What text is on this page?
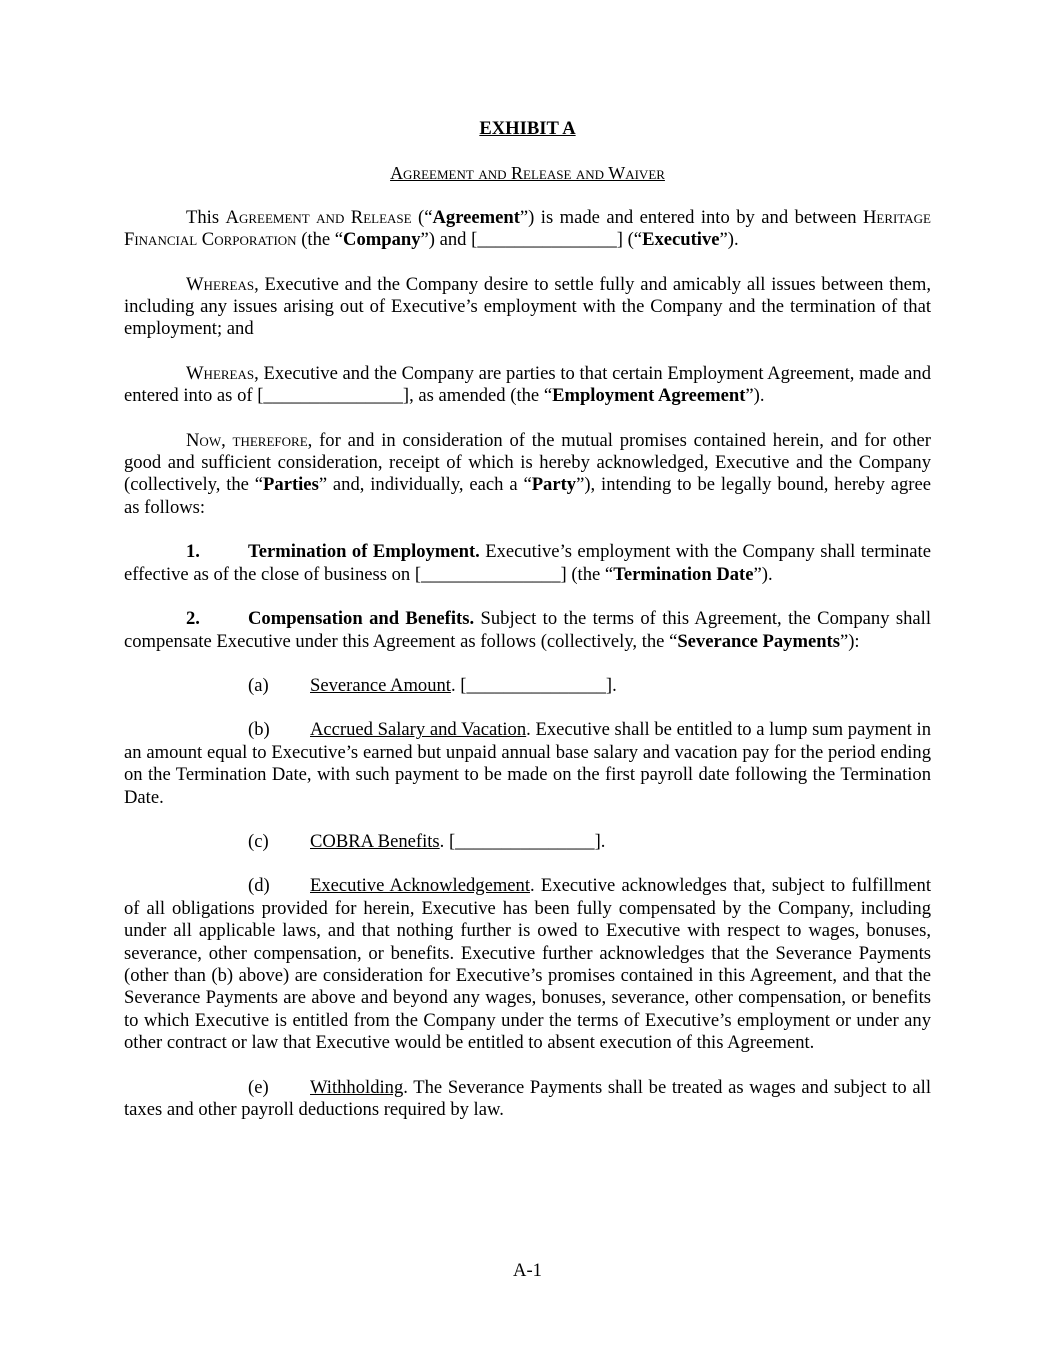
EXHIBIT A

Agreement and Release and Waiver

This Agreement and Release (“Agreement”) is made and entered into by and between Heritage Financial Corporation (the “Company”) and [_______________] (“Executive”).

Whereas, Executive and the Company desire to settle fully and amicably all issues between them, including any issues arising out of Executive’s employment with the Company and the termination of that employment; and

Whereas, Executive and the Company are parties to that certain Employment Agreement, made and entered into as of [_______________], as amended (the “Employment Agreement”).

Now, therefore, for and in consideration of the mutual promises contained herein, and for other good and sufficient consideration, receipt of which is hereby acknowledged, Executive and the Company (collectively, the “Parties” and, individually, each a “Party”), intending to be legally bound, hereby agree as follows:

1.	Termination of Employment. Executive’s employment with the Company shall terminate effective as of the close of business on [_______________] (the “Termination Date”).

2.	Compensation and Benefits. Subject to the terms of this Agreement, the Company shall compensate Executive under this Agreement as follows (collectively, the “Severance Payments”):

(a) Severance Amount. [_______________].

(b) Accrued Salary and Vacation. Executive shall be entitled to a lump sum payment in an amount equal to Executive’s earned but unpaid annual base salary and vacation pay for the period ending on the Termination Date, with such payment to be made on the first payroll date following the Termination Date.

(c) COBRA Benefits. [_______________].

(d) Executive Acknowledgement. Executive acknowledges that, subject to fulfillment of all obligations provided for herein, Executive has been fully compensated by the Company, including under all applicable laws, and that nothing further is owed to Executive with respect to wages, bonuses, severance, other compensation, or benefits. Executive further acknowledges that the Severance Payments (other than (b) above) are consideration for Executive’s promises contained in this Agreement, and that the Severance Payments are above and beyond any wages, bonuses, severance, other compensation, or benefits to which Executive is entitled from the Company under the terms of Executive’s employment or under any other contract or law that Executive would be entitled to absent execution of this Agreement.

(e) Withholding. The Severance Payments shall be treated as wages and subject to all taxes and other payroll deductions required by law.

A-1
